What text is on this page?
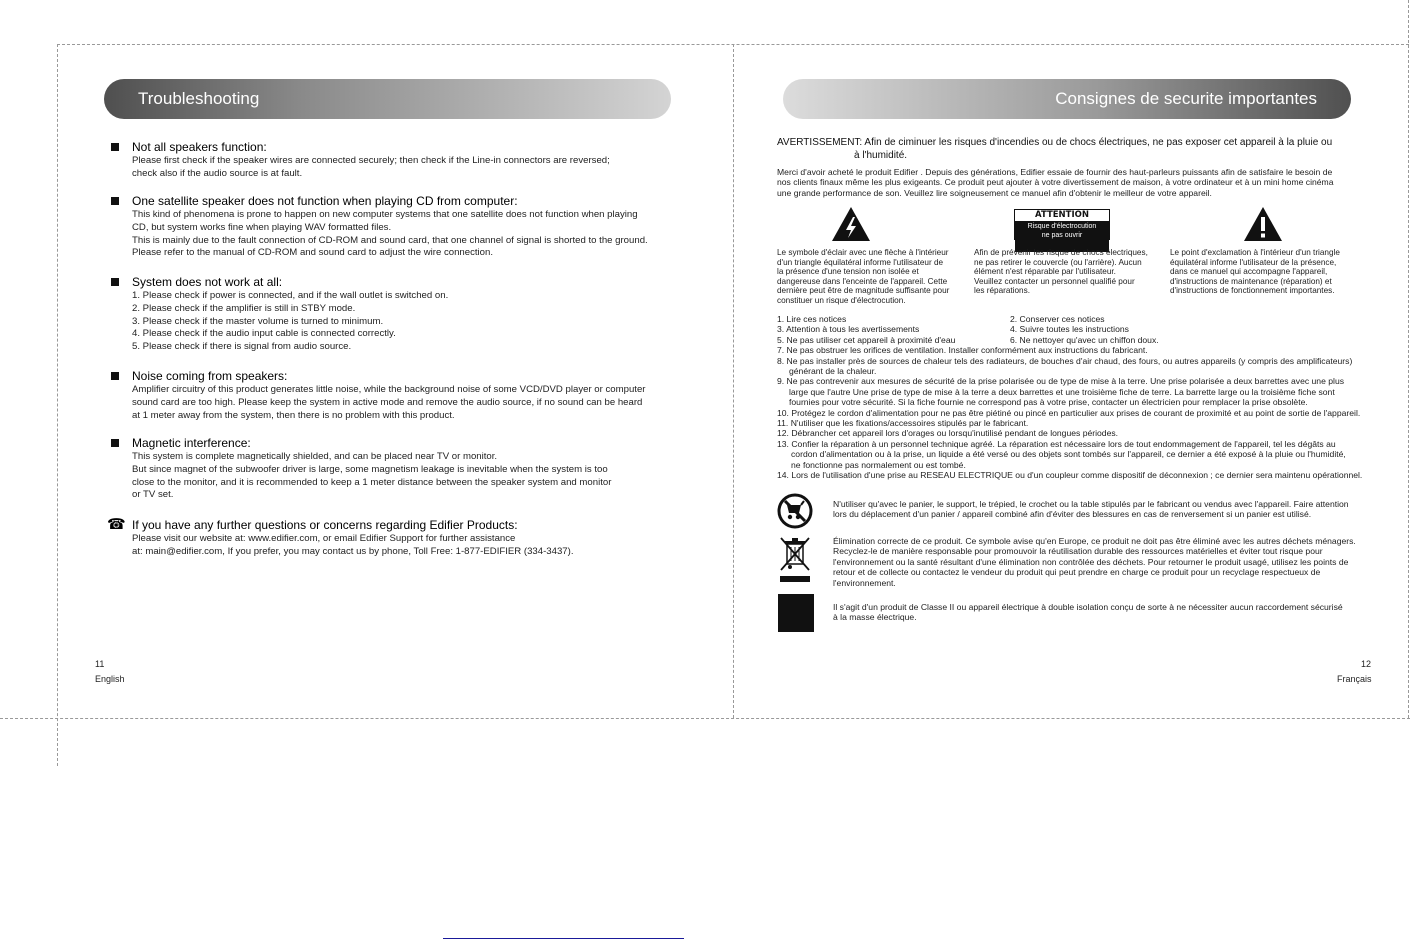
Troubleshooting
Not all speakers function:
Please first check if the speaker wires are connected securely; then check if the Line-in connectors are reversed;
check also if the audio source is at fault.
One satellite speaker does not function when playing CD from computer:
This kind of phenomena is prone to happen on new computer systems that one satellite does not function when playing
CD, but system works fine when playing WAV formatted files.
This is mainly due to the fault connection of CD-ROM and sound card, that one channel of signal is shorted to the ground.
Please refer to the manual of CD-ROM and sound card to adjust the wire connection.
System does not work at all:
1. Please check if power is connected, and if the wall outlet is switched on.
2. Please check if the amplifier is still in STBY mode.
3. Please check if the master volume is turned to minimum.
4. Please check if the audio input cable is connected correctly.
5. Please check if there is signal from audio source.
Noise coming from speakers:
Amplifier circuitry of this product generates little noise, while the background noise of some VCD/DVD player or computer
sound card are too high. Please keep the system in active mode and remove the audio source, if no sound can be heard
at 1 meter away from the system, then there is no problem with this product.
Magnetic interference:
This system is complete magnetically shielded, and can be placed near TV or monitor.
But since magnet of the subwoofer driver is large, some magnetism leakage is inevitable when the system is too
close to the monitor, and it is recommended to keep a 1 meter distance between the speaker system and monitor
or TV set.
☎ If you have any further questions or concerns regarding Edifier Products:
Please visit our website at: www.edifier.com, or email Edifier Support for further assistance
at: main@edifier.com, If you prefer, you may contact us by phone, Toll Free: 1-877-EDIFIER (334-3437).
11
English
Consignes de securite importantes
AVERTISSEMENT: Afin de ciminuer les risques d'incendies ou de chocs électriques, ne pas exposer cet appareil à la pluie ou
à l'humidité.
Merci d'avoir acheté le produit Edifier . Depuis des générations, Edifier essaie de fournir des haut-parleurs puissants afin de satisfaire le besoin de
nos clients finaux même les plus exigeants. Ce produit peut ajouter à votre divertissement de maison, à votre ordinateur et à un mini home cinéma
une grande performance de son. Veuillez lire soigneusement ce manuel afin d'obtenir le meilleur de votre appareil.
ATTENTION
Risque d'électrocution
ne pas ouvrir
Le symbole d'éclair avec une flèche à l'intérieur
d'un triangle équilatéral informe l'utilisateur de
la présence d'une tension non isolée et
dangereuse dans l'enceinte de l'appareil. Cette
dernière peut être de magnitude suffisante pour
constituer un risque d'électrocution.
Afin de prévenir les risque de chocs électriques,
ne pas retirer le couvercle (ou l'arrière). Aucun
élément n'est réparable par l'utilisateur.
Veuillez contacter un personnel qualifié pour
les réparations.
Le point d'exclamation à l'intérieur d'un triangle
équilatéral informe l'utilisateur de la présence,
dans ce manuel qui accompagne l'appareil,
d'instructions de maintenance (réparation) et
d'instructions de fonctionnement importantes.
1. Lire ces notices	2. Conserver ces notices
3. Attention à tous les avertissements	4. Suivre toutes les instructions
5. Ne pas utiliser cet appareil à proximité d'eau	6. Ne nettoyer qu'avec un chiffon doux.
7. Ne pas obstruer les orifices de ventilation. Installer conformément aux instructions du fabricant.
8. Ne pas installer près de sources de chaleur tels des radiateurs, de bouches d'air chaud, des fours, ou autres appareils (y compris des amplificateurs)
générant de la chaleur.
9. Ne pas contrevenir aux mesures de sécurité de la prise polarisée ou de type de mise à la terre. Une prise polarisée a deux barrettes avec une plus
large que l'autre Une prise de type de mise à la terre a deux barrettes et une troisième fiche de terre. La barrette large ou la troisième fiche sont
fournies pour votre sécurité. Si la fiche fournie ne correspond pas à votre prise, contacter un électricien pour remplacer la prise obsolète.
10. Protégez le cordon d'alimentation pour ne pas être piétiné ou pincé en particulier aux prises de courant de proximité et au point de sortie de l'appareil.
11. N'utiliser que les fixations/accessoires stipulés par le fabricant.
12. Débrancher cet appareil lors d'orages ou lorsqu'inutilisé pendant de longues périodes.
13. Confier la réparation à un personnel technique agréé. La réparation est nécessaire lors de tout endommagement de l'appareil, tel les dégâts au
cordon d'alimentation ou à la prise, un liquide a été versé ou des objets sont tombés sur l'appareil, ce dernier a été exposé à la pluie ou l'humidité,
ne fonctionne pas normalement ou est tombé.
14. Lors de l'utilisation d'une prise au RESEAU ELECTRIQUE ou d'un coupleur comme dispositif de déconnexion ; ce dernier sera maintenu opérationnel.
N'utiliser qu'avec le panier, le support, le trépied, le crochet ou la table stipulés par le fabricant ou vendus avec l'appareil. Faire attention
lors du déplacement d'un panier / appareil combiné afin d'éviter des blessures en cas de renversement si un panier est utilisé.
Élimination correcte de ce produit. Ce symbole avise qu'en Europe, ce produit ne doit pas être éliminé avec les autres déchets ménagers.
Recyclez-le de manière responsable pour promouvoir la réutilisation durable des ressources matérielles et éviter tout risque pour
l'environnement ou la santé résultant d'une élimination non contrôlée des déchets. Pour retourner le produit usagé, utilisez les points de
retour et de collecte ou contactez le vendeur du produit qui peut prendre en charge ce produit pour un recyclage respectueux de
l'environnement.
Il s'agit d'un produit de Classe II ou appareil électrique à double isolation conçu de sorte à ne nécessiter aucun raccordement sécurisé
à la masse électrique.
12
Français
